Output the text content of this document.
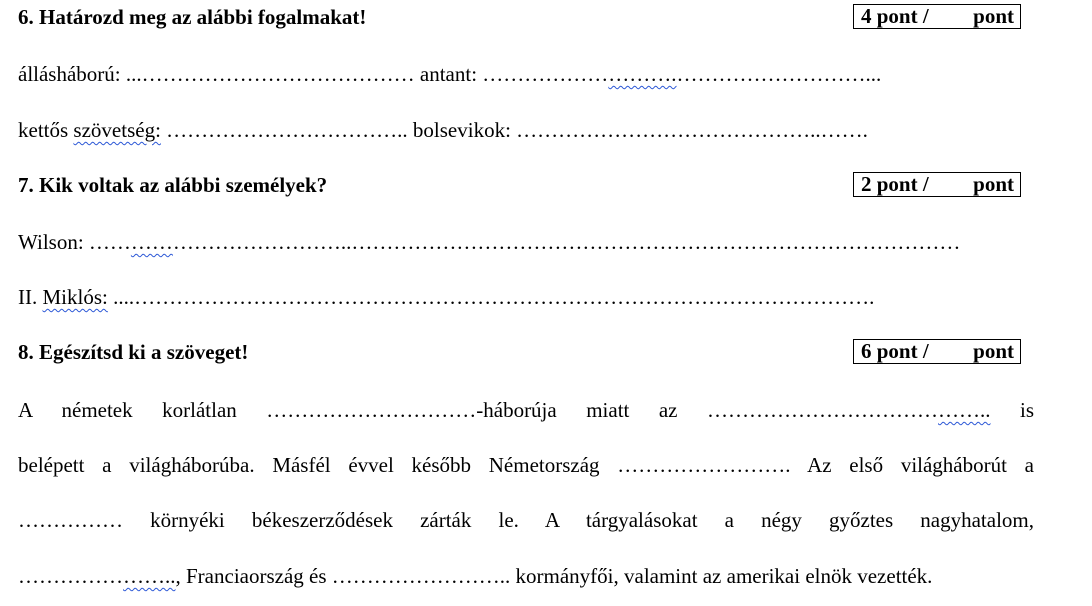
6. Határozd meg az alábbi fogalmakat!	4 pont / pont
állásháború: ...………………………………… antant: ……………………….………………………...
kettős szövetség: …………………………….. bolsevikok: ……………………………………..…….
7. Kik voltak az alábbi személyek?	2 pont / pont
Wilson: ………………………………..……………………………………………………………………………
II. Miklós: ....…………………………………………………………………………………………….
8. Egészítsd ki a szöveget!	6 pont / pont
A németek korlátlan …………………………-háborúja miatt az ………………………………….. is
belépett a világháborúba. Másfél évvel később Németország ……………………. Az első világháborút a
…………… környéki békeszerződések zárták le. A tárgyalásokat a négy győztes nagyhatalom,
………………….., Franciaország és …………………….. kormányfői, valamint az amerikai elnök vezették.
